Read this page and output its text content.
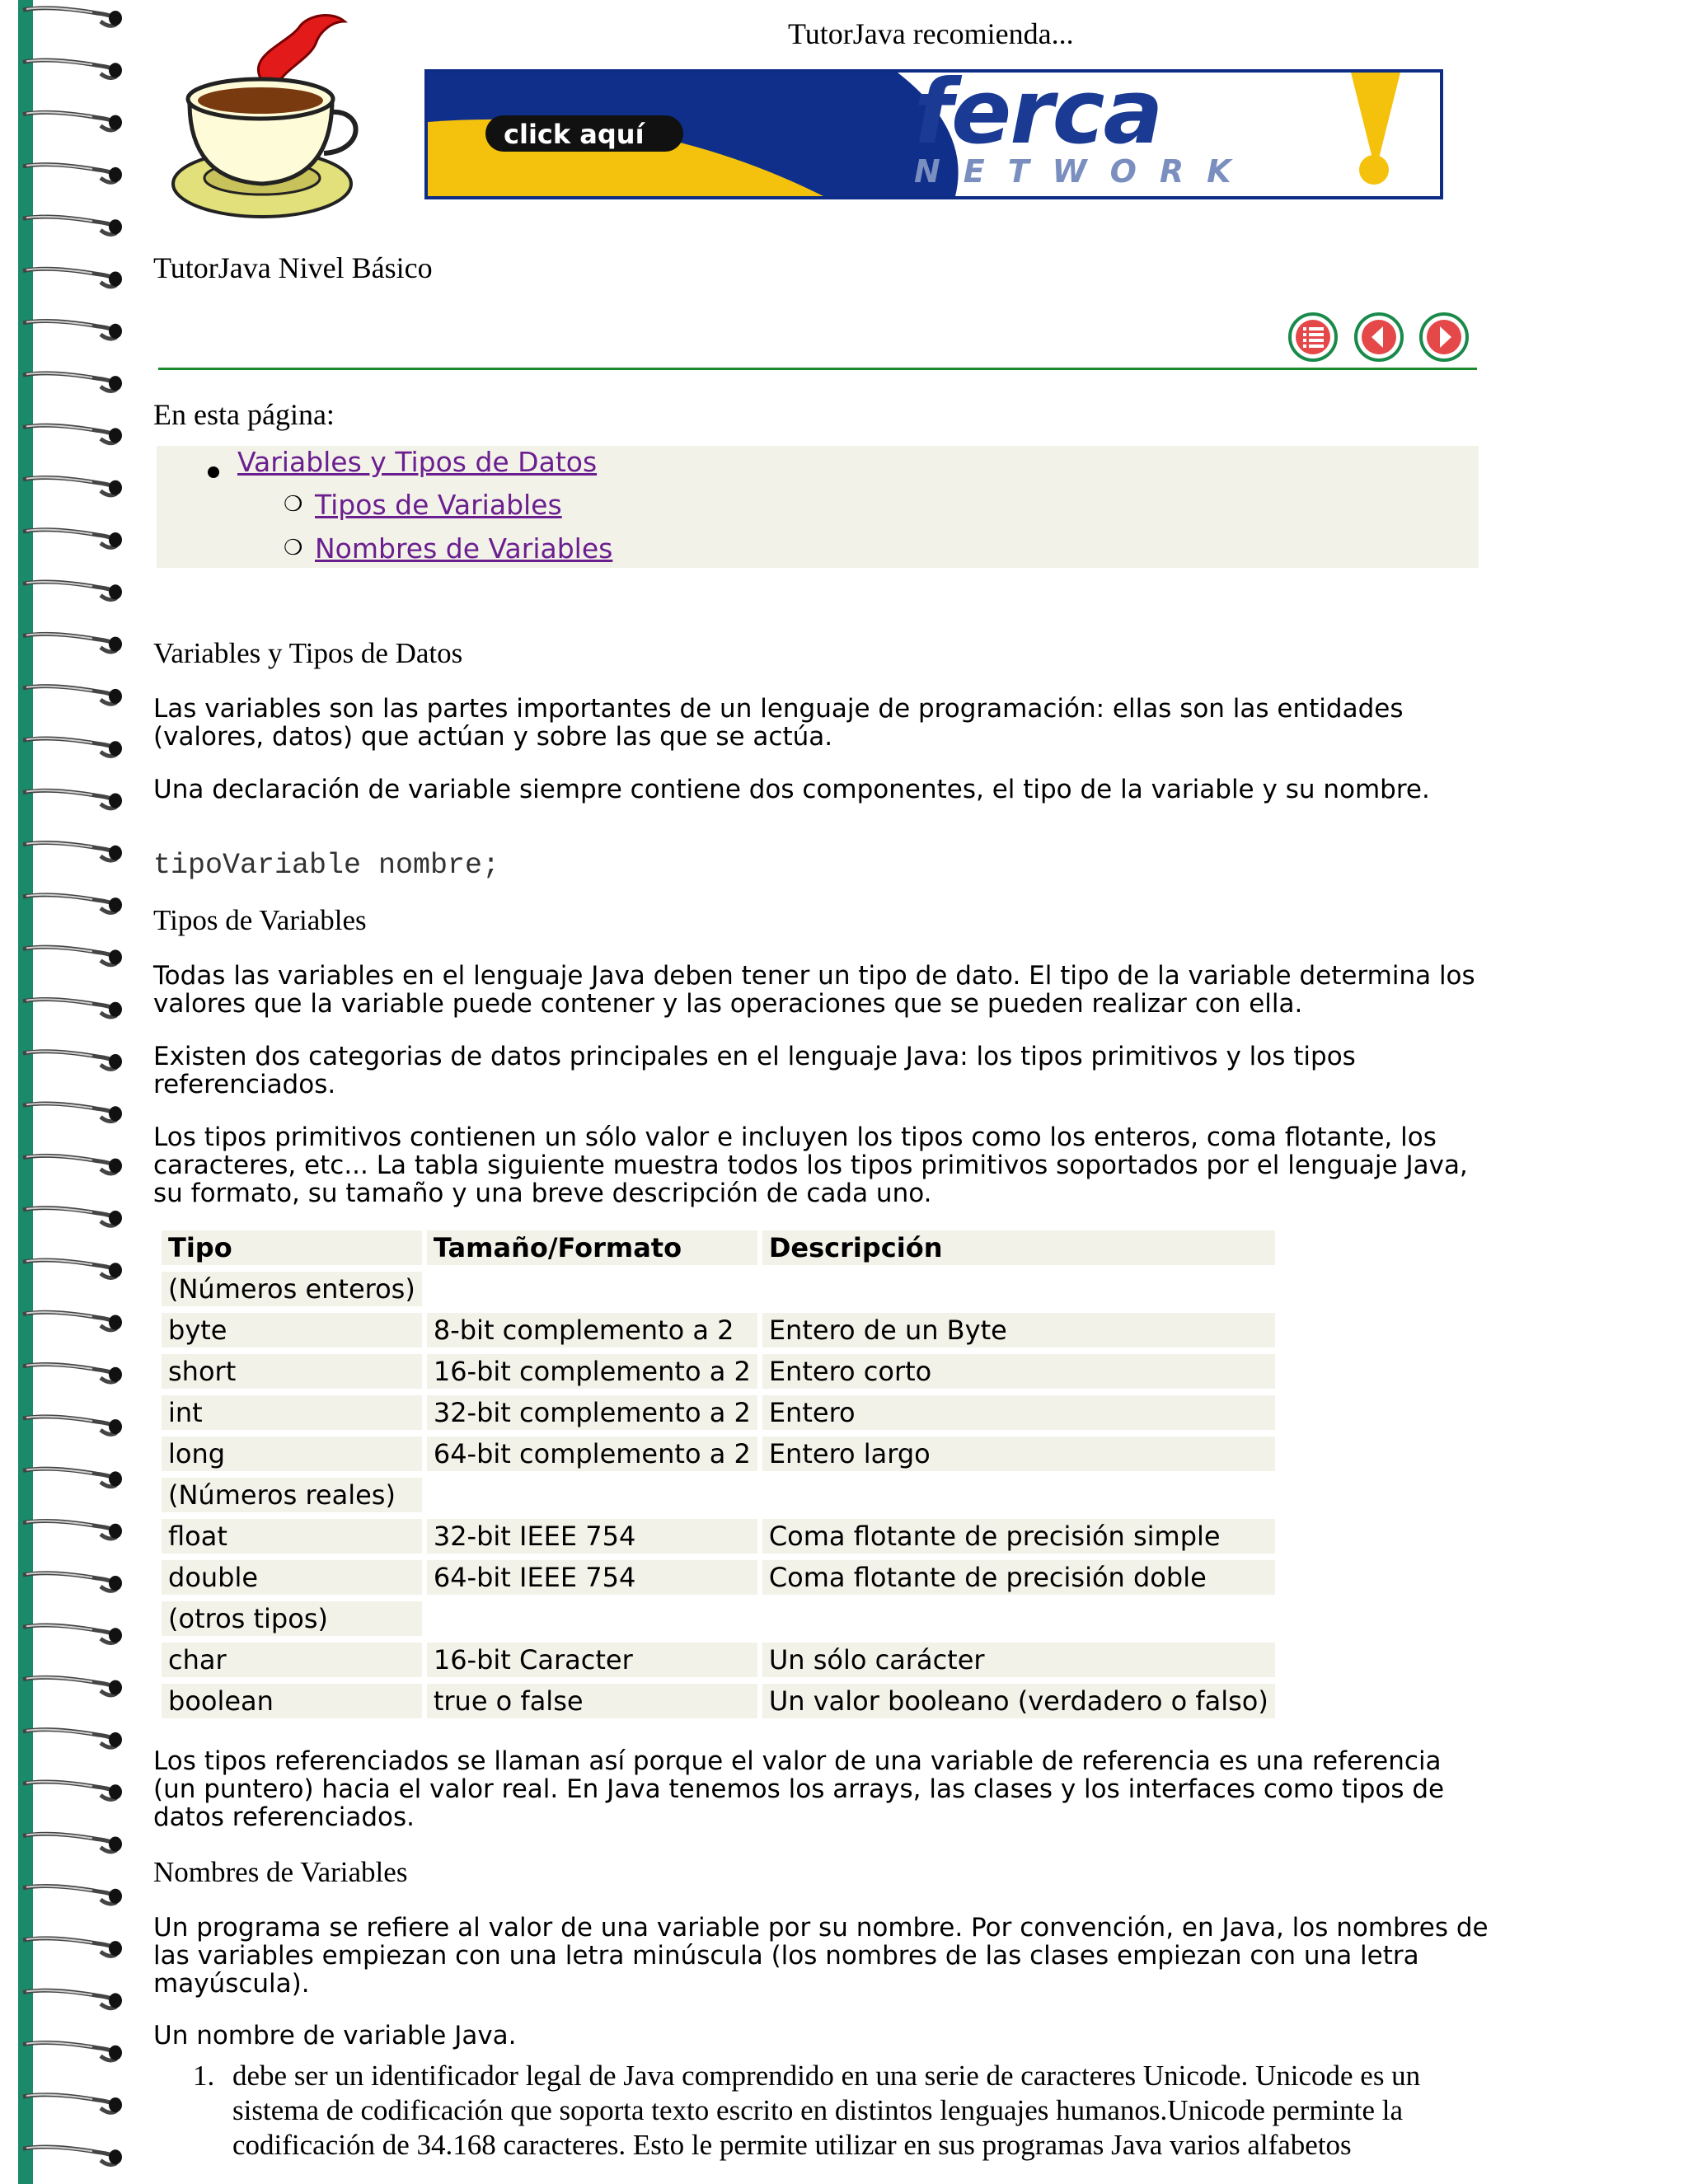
TutorJava recomienda...
click aquí	ferca
NETWORK
TutorJava Nivel Básico
En esta página:
Variables y Tipos de Datos
❍ Tipos de Variables
❍ Nombres de Variables
Variables y Tipos de Datos
Las variables son las partes importantes de un lenguaje de programación: ellas son las entidades (valores, datos) que actúan y sobre las que se actúa.
Una declaración de variable siempre contiene dos componentes, el tipo de la variable y su nombre.
tipoVariable nombre;
Tipos de Variables
Todas las variables en el lenguaje Java deben tener un tipo de dato. El tipo de la variable determina los valores que la variable puede contener y las operaciones que se pueden realizar con ella.
Existen dos categorias de datos principales en el lenguaje Java: los tipos primitivos y los tipos referenciados.
Los tipos primitivos contienen un sólo valor e incluyen los tipos como los enteros, coma flotante, los caracteres, etc... La tabla siguiente muestra todos los tipos primitivos soportados por el lenguaje Java, su formato, su tamaño y una breve descripción de cada uno.
Tipo	Tamaño/Formato	Descripción
(Números enteros)		
byte	8-bit complemento a 2	Entero de un Byte
short	16-bit complemento a 2	Entero corto
int	32-bit complemento a 2	Entero
long	64-bit complemento a 2	Entero largo
(Números reales)		
float	32-bit IEEE 754	Coma flotante de precisión simple
double	64-bit IEEE 754	Coma flotante de precisión doble
(otros tipos)		
char	16-bit Caracter	Un sólo carácter
boolean	true o false	Un valor booleano (verdadero o falso)
Los tipos referenciados se llaman así porque el valor de una variable de referencia es una referencia (un puntero) hacia el valor real. En Java tenemos los arrays, las clases y los interfaces como tipos de datos referenciados.
Nombres de Variables
Un programa se refiere al valor de una variable por su nombre. Por convención, en Java, los nombres de las variables empiezan con una letra minúscula (los nombres de las clases empiezan con una letra mayúscula).
Un nombre de variable Java.
1. debe ser un identificador legal de Java comprendido en una serie de caracteres Unicode. Unicode es un sistema de codificación que soporta texto escrito en distintos lenguajes humanos.Unicode perminte la codificación de 34.168 caracteres. Esto le permite utilizar en sus programas Java varios alfabetos
